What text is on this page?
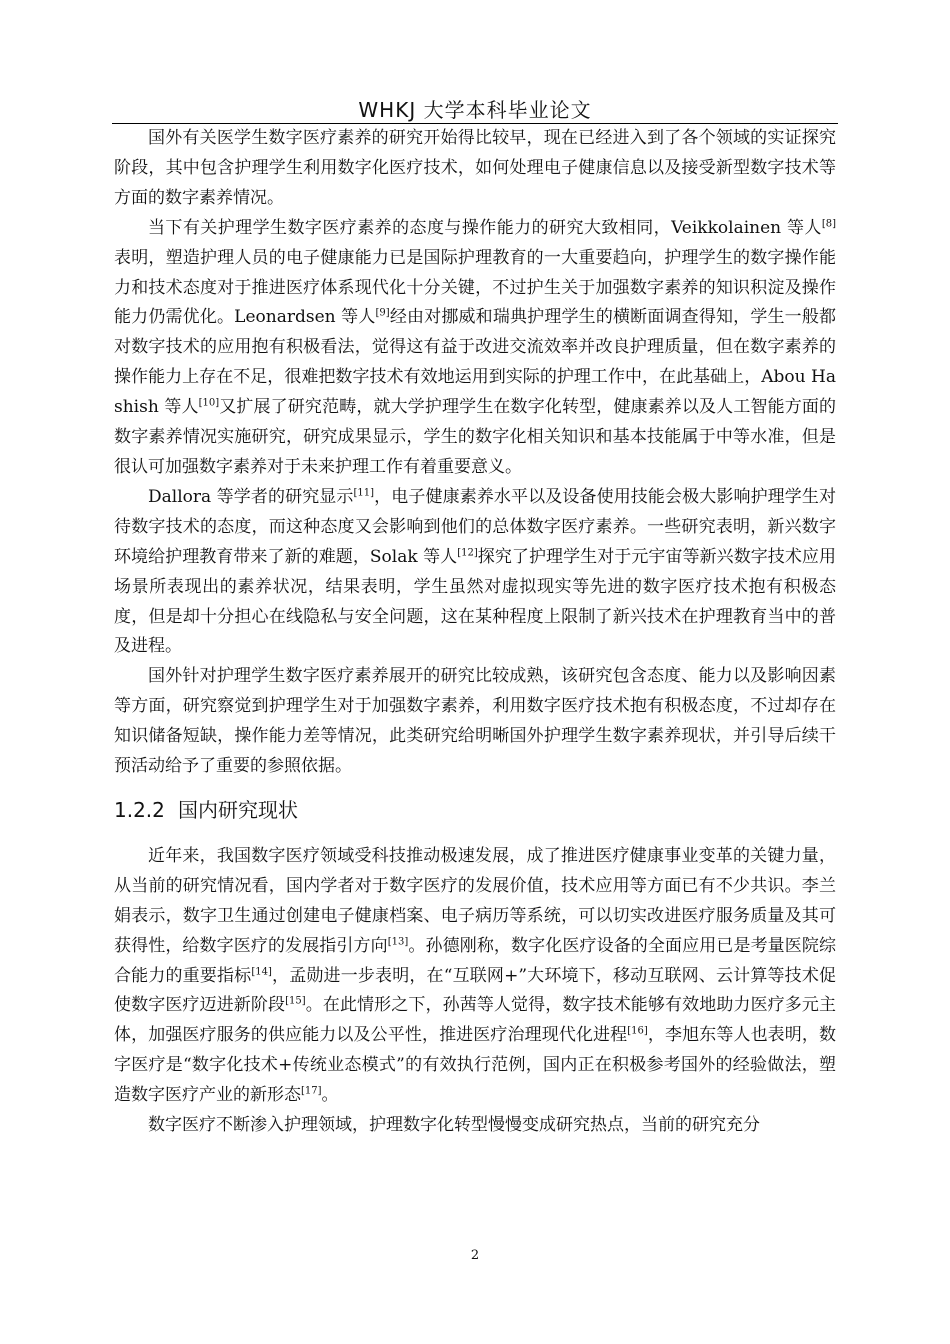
WHKJ 大学本科毕业论文

国外有关医学生数字医疗素养的研究开始得比较早，现在已经进入到了各个领域的实证探究阶段，其中包含护理学生利用数字化医疗技术，如何处理电子健康信息以及接受新型数字技术等方面的数字素养情况。

当下有关护理学生数字医疗素养的态度与操作能力的研究大致相同，Veikkolainen 等人[8]表明，塑造护理人员的电子健康能力已是国际护理教育的一大重要趋向，护理学生的数字操作能力和技术态度对于推进医疗体系现代化十分关键，不过护生关于加强数字素养的知识积淀及操作能力仍需优化。Leonardsen 等人[9]经由对挪威和瑞典护理学生的横断面调查得知，学生一般都对数字技术的应用抱有积极看法，觉得这有益于改进交流效率并改良护理质量，但在数字素养的操作能力上存在不足，很难把数字技术有效地运用到实际的护理工作中，在此基础上，Abou Hashish 等人[10]又扩展了研究范畴，就大学护理学生在数字化转型，健康素养以及人工智能方面的数字素养情况实施研究，研究成果显示，学生的数字化相关知识和基本技能属于中等水准，但是很认可加强数字素养对于未来护理工作有着重要意义。

Dallora 等学者的研究显示[11]，电子健康素养水平以及设备使用技能会极大影响护理学生对待数字技术的态度，而这种态度又会影响到他们的总体数字医疗素养。一些研究表明，新兴数字环境给护理教育带来了新的难题，Solak 等人[12]探究了护理学生对于元宇宙等新兴数字技术应用场景所表现出的素养状况，结果表明，学生虽然对虚拟现实等先进的数字医疗技术抱有积极态度，但是却十分担心在线隐私与安全问题，这在某种程度上限制了新兴技术在护理教育当中的普及进程。

国外针对护理学生数字医疗素养展开的研究比较成熟，该研究包含态度、能力以及影响因素等方面，研究察觉到护理学生对于加强数字素养，利用数字医疗技术抱有积极态度，不过却存在知识储备短缺，操作能力差等情况，此类研究给明晰国外护理学生数字素养现状，并引导后续干预活动给予了重要的参照依据。

1.2.2 国内研究现状

近年来，我国数字医疗领域受科技推动极速发展，成了推进医疗健康事业变革的关键力量，从当前的研究情况看，国内学者对于数字医疗的发展价值，技术应用等方面已有不少共识。李兰娟表示，数字卫生通过创建电子健康档案、电子病历等系统，可以切实改进医疗服务质量及其可获得性，给数字医疗的发展指引方向[13]。孙德刚称，数字化医疗设备的全面应用已是考量医院综合能力的重要指标[14]，孟勋进一步表明，在“互联网+”大环境下，移动互联网、云计算等技术促使数字医疗迈进新阶段[15]。在此情形之下，孙茜等人觉得，数字技术能够有效地助力医疗多元主体，加强医疗服务的供应能力以及公平性，推进医疗治理现代化进程[16]，李旭东等人也表明，数字医疗是“数字化技术+传统业态模式”的有效执行范例，国内正在积极参考国外的经验做法，塑造数字医疗产业的新形态[17]。

数字医疗不断渗入护理领域，护理数字化转型慢慢变成研究热点，当前的研究充分

2
